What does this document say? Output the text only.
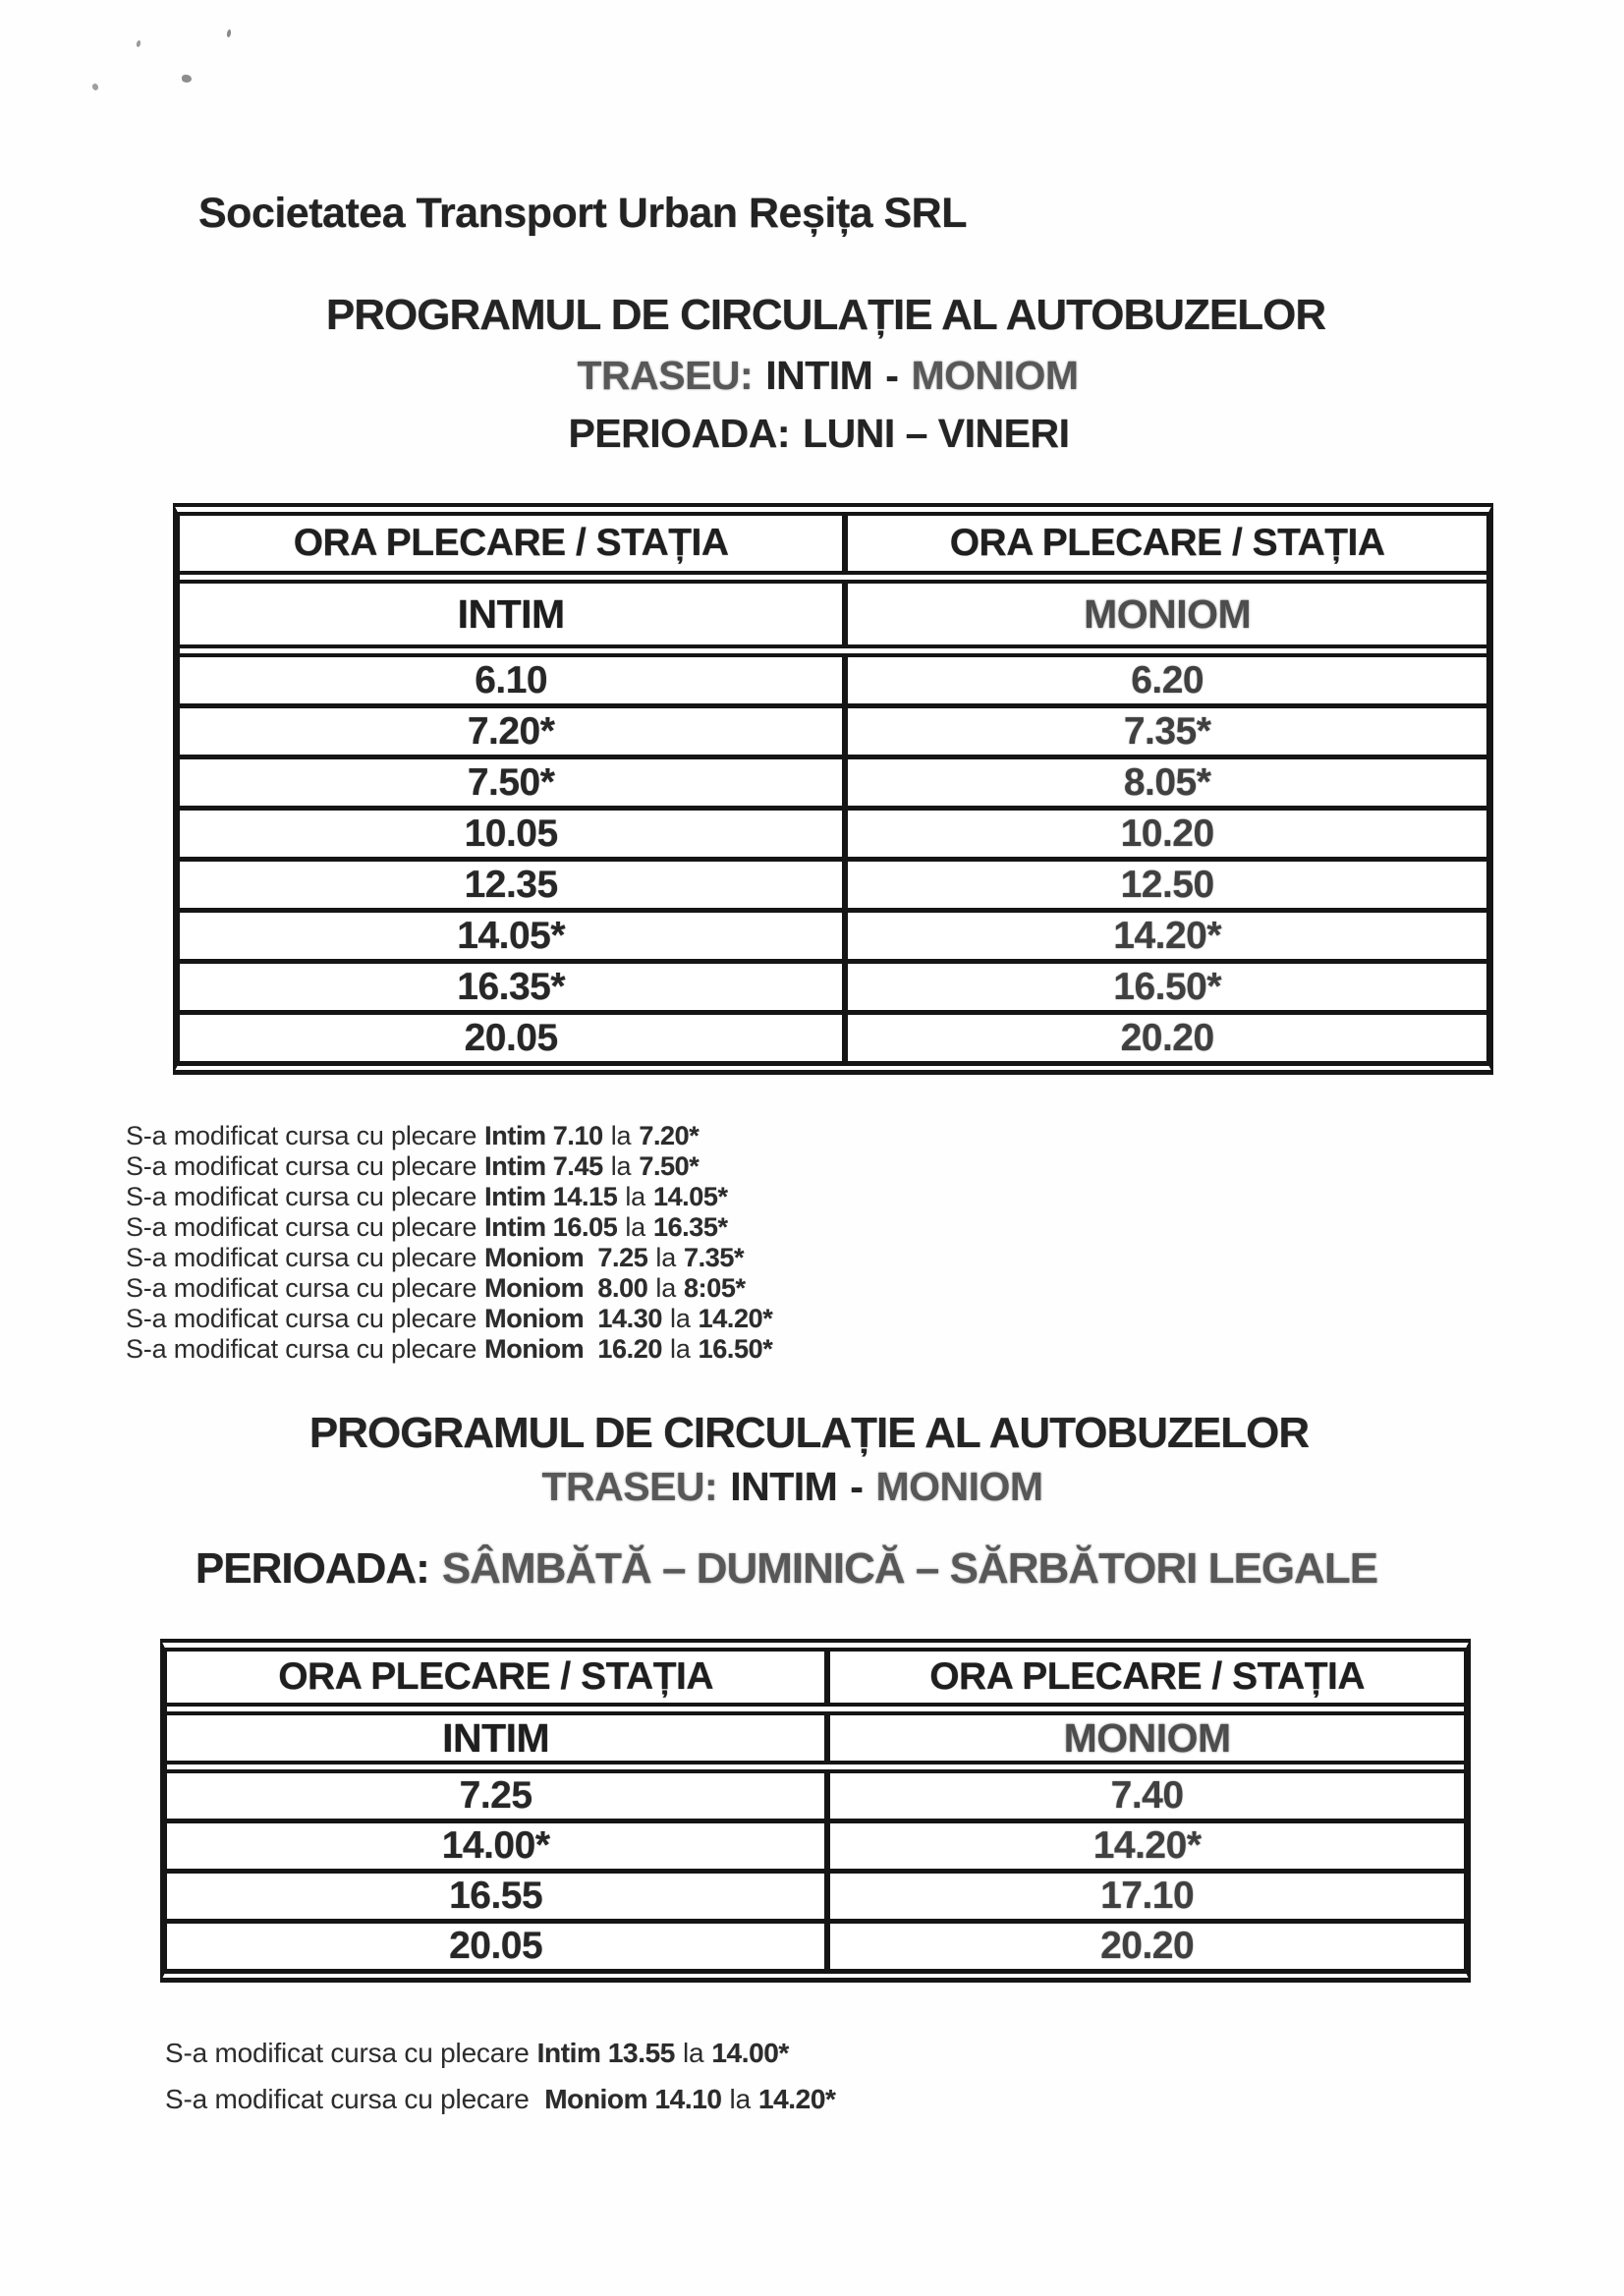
Societatea Transport Urban Reșița SRL
PROGRAMUL DE CIRCULAȚIE AL AUTOBUZELOR
TRASEU: INTIM - MONIOM
PERIOADA: LUNI – VINERI
ORA PLECARE / STAȚIA	ORA PLECARE / STAȚIA
INTIM	MONIOM
6.10	6.20
7.20*	7.35*
7.50*	8.05*
10.05	10.20
12.35	12.50
14.05*	14.20*
16.35*	16.50*
20.05	20.20
S-a modificat cursa cu plecare Intim 7.10 la 7.20*
S-a modificat cursa cu plecare Intim 7.45 la 7.50*
S-a modificat cursa cu plecare Intim 14.15 la 14.05*
S-a modificat cursa cu plecare Intim 16.05 la 16.35*
S-a modificat cursa cu plecare Moniom  7.25 la 7.35*
S-a modificat cursa cu plecare Moniom  8.00 la 8:05*
S-a modificat cursa cu plecare Moniom  14.30 la 14.20*
S-a modificat cursa cu plecare Moniom  16.20 la 16.50*
PROGRAMUL DE CIRCULAȚIE AL AUTOBUZELOR
TRASEU: INTIM - MONIOM
PERIOADA: SÂMBĂTĂ – DUMINICĂ – SĂRBĂTORI LEGALE
ORA PLECARE / STAȚIA	ORA PLECARE / STAȚIA
INTIM	MONIOM
7.25	7.40
14.00*	14.20*
16.55	17.10
20.05	20.20
S-a modificat cursa cu plecare Intim 13.55 la 14.00*
S-a modificat cursa cu plecare Moniom 14.10 la 14.20*
